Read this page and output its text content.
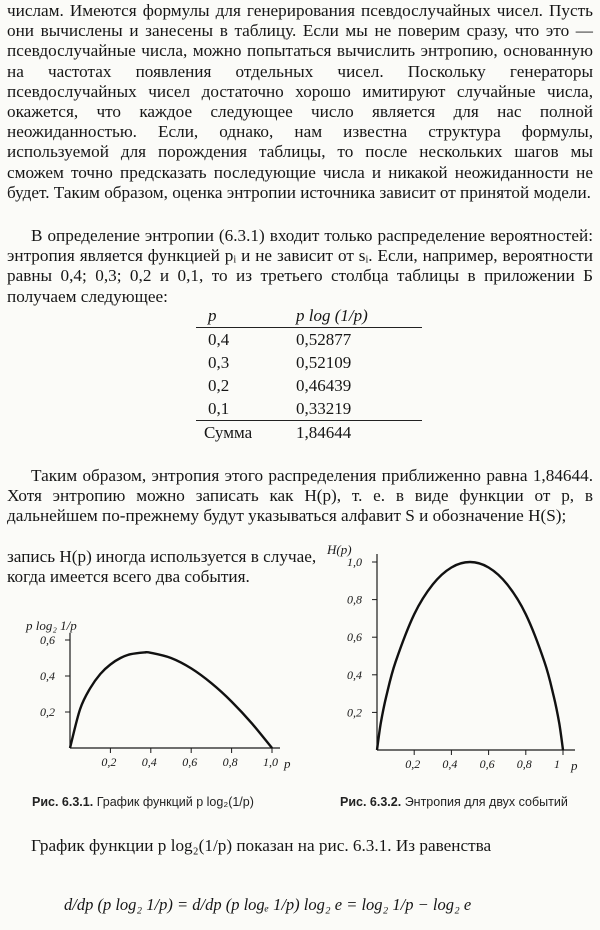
числам. Имеются формулы для генерирования псевдослучайных чисел. Пусть они вычислены и занесены в таблицу. Если мы не поверим сразу, что это — псевдослучайные числа, можно попытаться вычислить энтропию, основанную на частотах появления отдельных чисел. Поскольку генераторы псевдослучайных чисел достаточно хорошо имитируют случайные числа, окажется, что каждое следующее число является для нас полной неожиданностью. Если, однако, нам известна структура формулы, используемой для порождения таблицы, то после нескольких шагов мы сможем точно предсказать последующие числа и никакой неожиданности не будет. Таким образом, оценка энтропии источника зависит от принятой модели.
В определение энтропии (6.3.1) входит только распределение вероятностей: энтропия является функцией pᵢ и не зависит от sᵢ. Если, например, вероятности равны 0,4; 0,3; 0,2 и 0,1, то из третьего столбца таблицы в приложении Б получаем следующее:
p	p log (1/p)
0,4	0,52877
0,3	0,52109
0,2	0,46439
0,1	0,33219
Сумма	1,84644
Таким образом, энтропия этого распределения приближенно равна 1,84644. Хотя энтропию можно записать как H(p), т. е. в виде функции от p, в дальнейшем по-прежнему будут указываться алфавит S и обозначение H(S);
запись H(p) иногда используется в случае, когда имеется всего два события.
p log₂ 1/p
p
0,2 0,4 0,6 0,8 1,0
0,2
0,4
0,6
H(p)
p
0,2 0,4 0,6 0,8 1
0,2
0,4
0,6
0,8
1,0
Рис. 6.3.1. График функций p log₂(1/p)	Рис. 6.3.2. Энтропия для двух событий
График функции p log₂(1/p) показан на рис. 6.3.1. Из равенства
d/dp (p log₂ 1/p) = d/dp (p logₑ 1/p) log₂ e = log₂ 1/p − log₂ e
